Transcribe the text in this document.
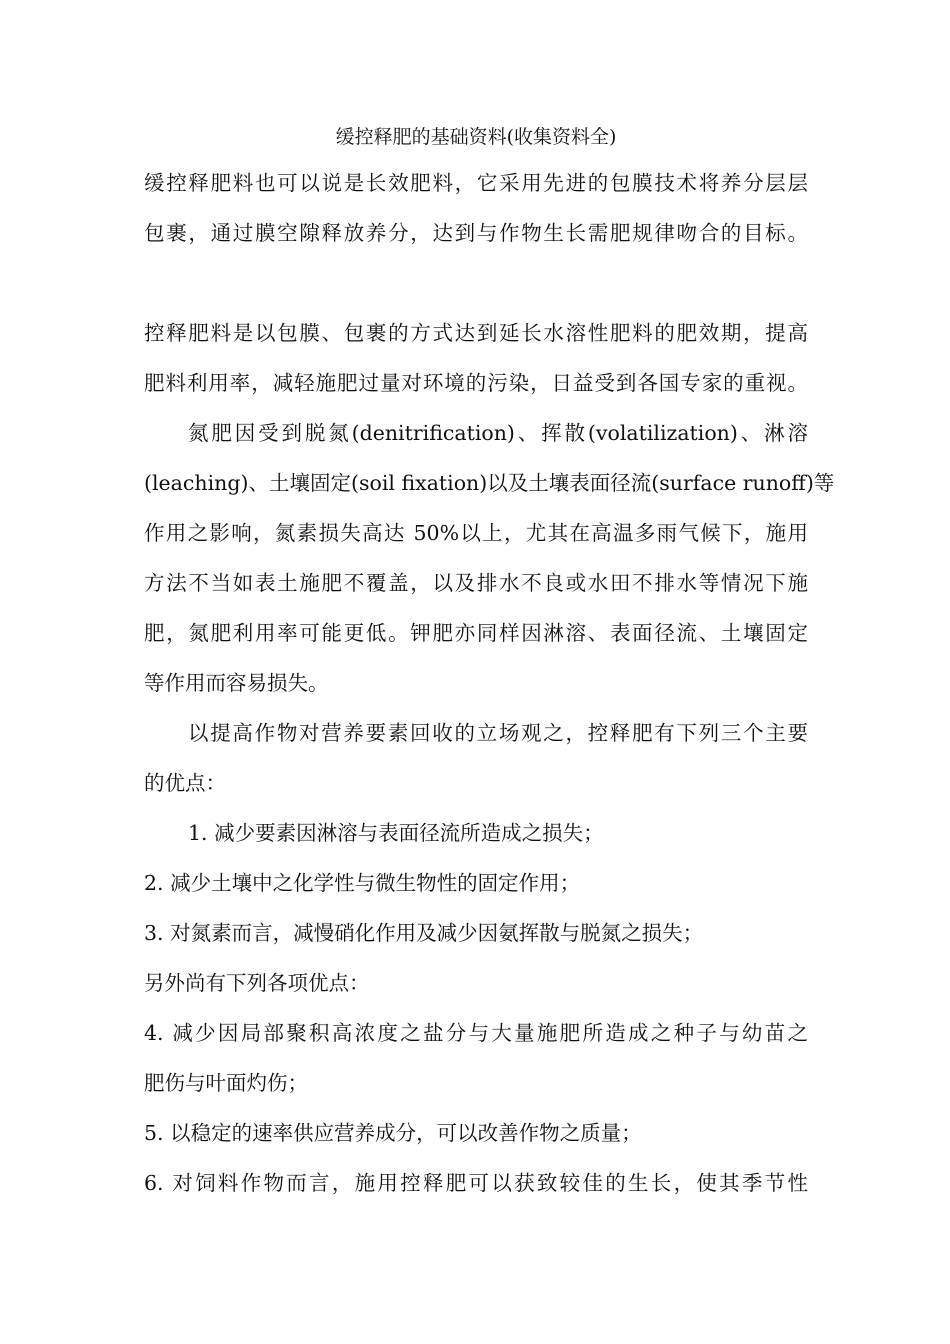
缓控释肥的基础资料(收集资料全)

缓控释肥料也可以说是长效肥料，它采用先进的包膜技术将养分层层

包裹，通过膜空隙释放养分，达到与作物生长需肥规律吻合的目标。

控释肥料是以包膜、包裹的方式达到延长水溶性肥料的肥效期，提高

肥料利用率，减轻施肥过量对环境的污染，日益受到各国专家的重视。

氮肥因受到脱氮(denitrification)、挥散(volatilization)、淋溶

(leaching)、土壤固定(soil fixation)以及土壤表面径流(surface runoff)等

作用之影响，氮素损失高达 50%以上，尤其在高温多雨气候下，施用

方法不当如表土施肥不覆盖，以及排水不良或水田不排水等情况下施

肥，氮肥利用率可能更低。钾肥亦同样因淋溶、表面径流、土壤固定

等作用而容易损失。

以提高作物对营养要素回收的立场观之，控释肥有下列三个主要

的优点：

1. 减少要素因淋溶与表面径流所造成之损失；

2. 减少土壤中之化学性与微生物性的固定作用；

3. 对氮素而言，减慢硝化作用及减少因氨挥散与脱氮之损失；

另外尚有下列各项优点：

4. 减少因局部聚积高浓度之盐分与大量施肥所造成之种子与幼苗之

肥伤与叶面灼伤；

5. 以稳定的速率供应营养成分，可以改善作物之质量；

6. 对饲料作物而言，施用控释肥可以获致较佳的生长，使其季节性
